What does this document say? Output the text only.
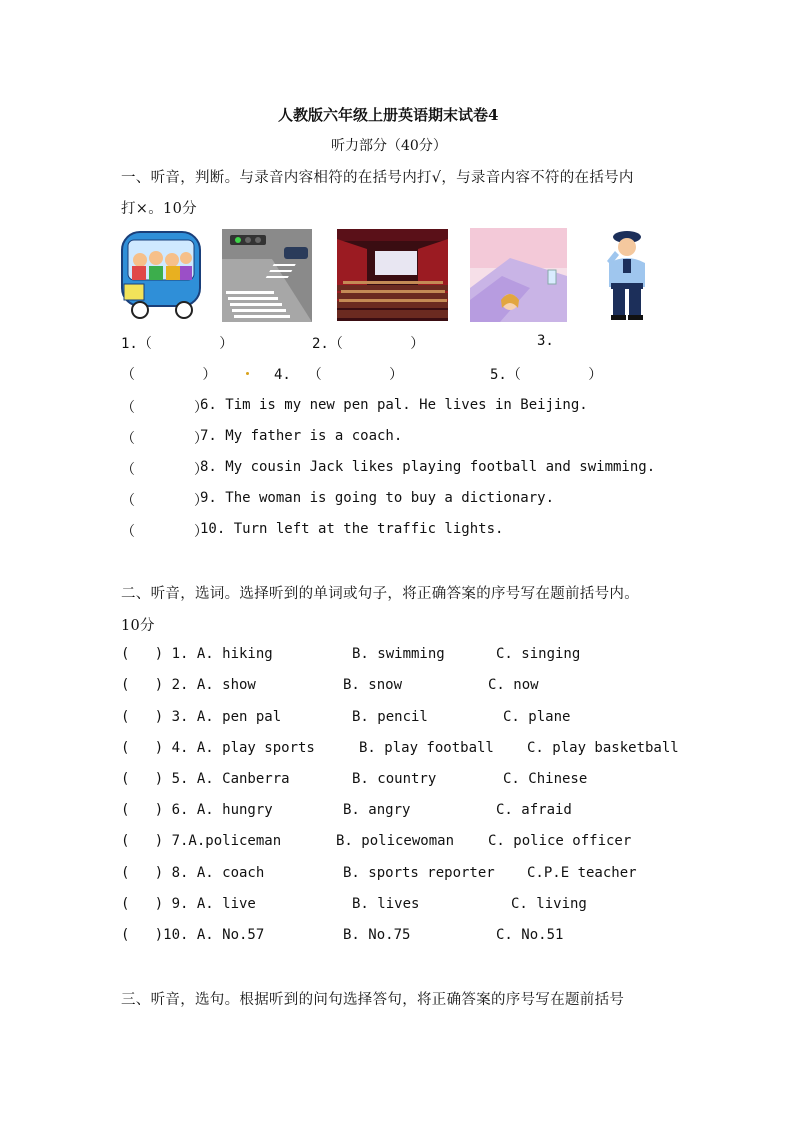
人教版六年级上册英语期末试卷4
听力部分（40分）
一、听音，判断。与录音内容相符的在括号内打√，与录音内容不符的在括号内
打×。10分
1.（        ）	2.（        ）	3.
（        ）	4.  （        ）	5.（        ）
（       ）
6. Tim is my new pen pal. He lives in Beijing.
（       ）
7. My father is a coach.
（       ）
8. My cousin Jack likes playing football and swimming.
（       ）
9. The woman is going to buy a dictionary.
（       ）
10. Turn left at the traffic lights.
二、听音，选词。选择听到的单词或句子，将正确答案的序号写在题前括号内。
10分
(   ) 1. A. hiking	B. swimming	C. singing
(   ) 2. A. show	B. snow	C. now
(   ) 3. A. pen pal	B. pencil	C. plane
(   ) 4. A. play sports	B. play football C. play basketball
(   ) 5. A. Canberra	B. country	C. Chinese
(   ) 6. A. hungry	B. angry	C. afraid
(   ) 7.A.policeman	B. policewoman C. police officer
(   ) 8. A. coach	B. sports reporter C.P.E teacher
(   ) 9. A. live	B. lives	C. living
(   )10. A. No.57	B. No.75	C. No.51
三、听音，选句。根据听到的问句选择答句，将正确答案的序号写在题前括号
